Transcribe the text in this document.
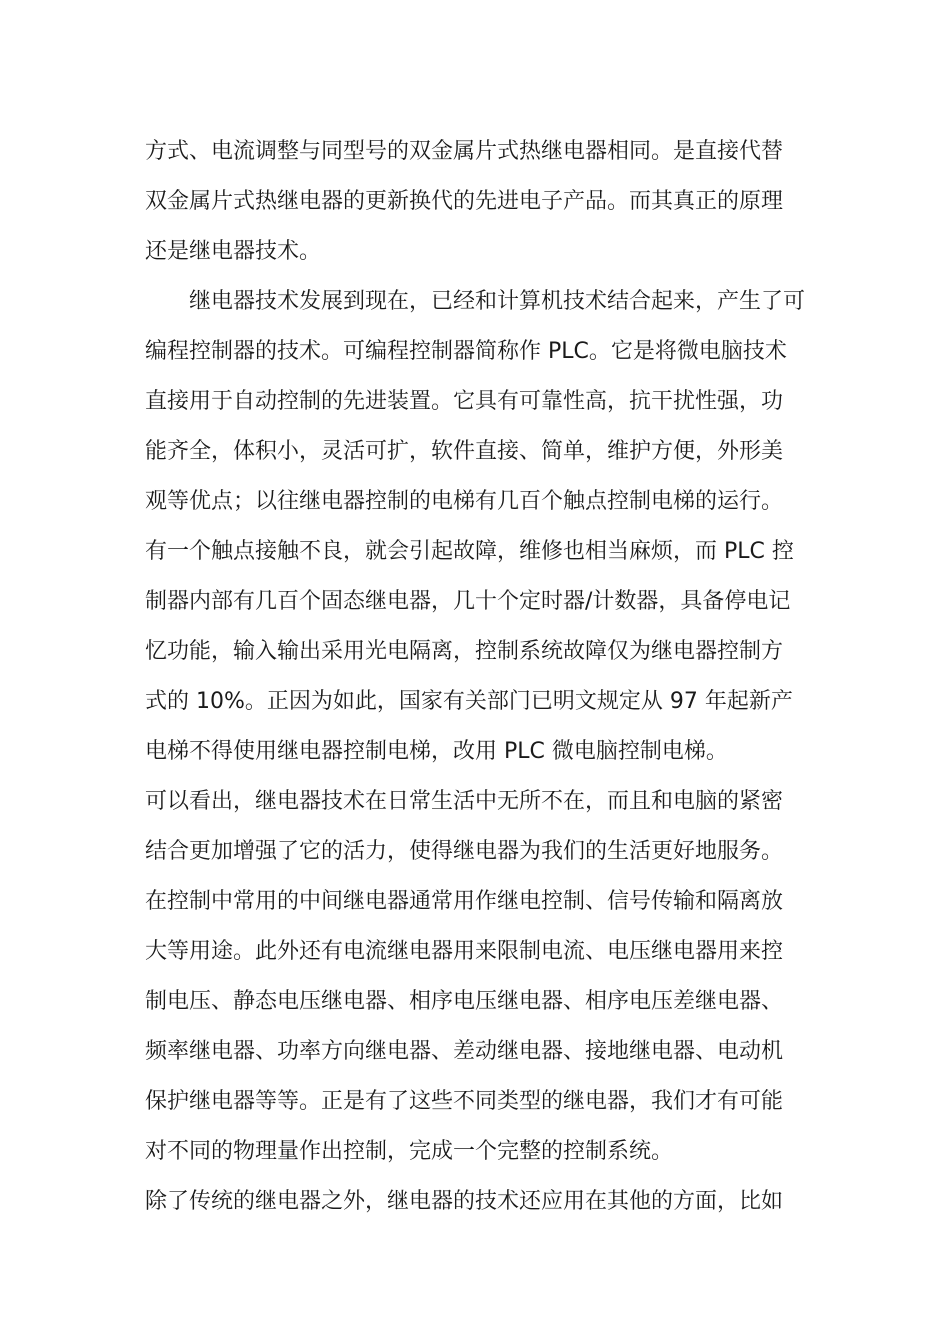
方式、电流调整与同型号的双金属片式热继电器相同。是直接代替
双金属片式热继电器的更新换代的先进电子产品。而其真正的原理
还是继电器技术。
　　继电器技术发展到现在，已经和计算机技术结合起来，产生了可
编程控制器的技术。可编程控制器简称作 PLC。它是将微电脑技术
直接用于自动控制的先进装置。它具有可靠性高，抗干扰性强，功
能齐全，体积小，灵活可扩，软件直接、简单，维护方便，外形美
观等优点；以往继电器控制的电梯有几百个触点控制电梯的运行。
有一个触点接触不良，就会引起故障，维修也相当麻烦，而 PLC 控
制器内部有几百个固态继电器，几十个定时器/计数器，具备停电记
忆功能，输入输出采用光电隔离，控制系统故障仅为继电器控制方
式的 10%。正因为如此，国家有关部门已明文规定从 97 年起新产
电梯不得使用继电器控制电梯，改用 PLC 微电脑控制电梯。
可以看出，继电器技术在日常生活中无所不在，而且和电脑的紧密
结合更加增强了它的活力，使得继电器为我们的生活更好地服务。
在控制中常用的中间继电器通常用作继电控制、信号传输和隔离放
大等用途。此外还有电流继电器用来限制电流、电压继电器用来控
制电压、静态电压继电器、相序电压继电器、相序电压差继电器、
频率继电器、功率方向继电器、差动继电器、接地继电器、电动机
保护继电器等等。正是有了这些不同类型的继电器，我们才有可能
对不同的物理量作出控制，完成一个完整的控制系统。
除了传统的继电器之外，继电器的技术还应用在其他的方面，比如
